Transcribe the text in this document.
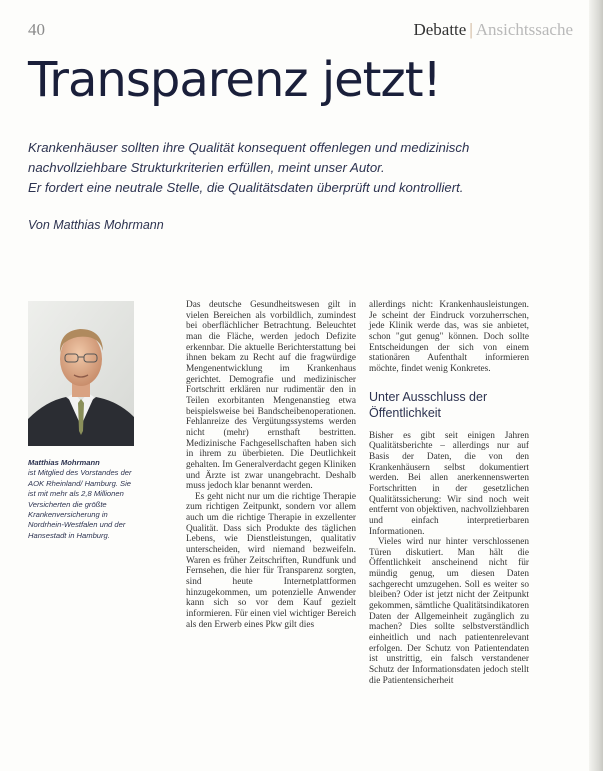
40	Debatte | Ansichtssache
Transparenz jetzt!

Krankenhäuser sollten ihre Qualität konsequent offenlegen und medizinisch

nachvollziehbare Strukturkriterien erfüllen, meint unser Autor.

Er fordert eine neutrale Stelle, die Qualitätsdaten überprüft und kontrolliert.

Von Matthias Mohrmann
Matthias Mohrmann
ist Mitglied des Vorstandes der AOK Rheinland/ Hamburg. Sie ist mit mehr als 2,8 Millionen Versicherten die größte Krankenversicherung in Nordrhein-Westfalen und der Hansestadt in Hamburg.

Das deutsche Gesundheitswesen gilt in vielen Bereichen als vorbildlich, zumindest bei oberflächlicher Betrachtung. Beleuchtet man die Fläche, werden jedoch Defizite erkennbar. Die aktuelle Berichterstattung bei ihnen bekam zu Recht auf die fragwürdige Mengenentwicklung im Krankenhaus gerichtet. Demografie und medizinischer Fortschritt erklären nur rudimentär den in Teilen exorbitanten Mengenanstieg etwa beispielsweise bei Bandscheibenoperationen. Fehlanreize des Vergütungssystems werden nicht (mehr) ernsthaft bestritten. Medizinische Fachgesellschaften haben sich in ihrem zu überbieten. Die Deutlichkeit gehalten. Im Generalverdacht gegen Kliniken und Ärzte ist zwar unangebracht. Deshalb muss jedoch klar benannt werden.

Es geht nicht nur um die richtige Therapie zum richtigen Zeitpunkt, sondern vor allem auch um die richtige Therapie in exzellenter Qualität. Dass sich Produkte des täglichen Lebens, wie Dienstleistungen, qualitativ unterscheiden, wird niemand bezweifeln. Waren es früher Zeitschriften, Rundfunk und Fernsehen, die hier für Transparenz sorgten, sind heute Internetplattformen hinzugekommen, um potenzielle Anwender kann sich so vor dem Kauf gezielt informieren. Für einen viel wichtiger Bereich als den Erwerb eines Pkw gilt dies

allerdings nicht: Krankenhausleistungen. Je scheint der Eindruck vorzuherrschen, jede Klinik werde das, was sie anbietet, schon "gut genug" können. Doch sollte Entscheidungen der sich von einem stationären Aufenthalt informieren möchte, findet wenig Konkretes.

Unter Ausschluss der Öffentlichkeit

Bisher es gibt seit einigen Jahren Qualitätsberichte – allerdings nur auf Basis der Daten, die von den Krankenhäusern selbst dokumentiert werden. Bei allen anerkennenswerten Fortschritten in der gesetzlichen Qualitätssicherung: Wir sind noch weit entfernt von objektiven, nachvollziehbaren und einfach interpretierbaren Informationen.

Vieles wird nur hinter verschlossenen Türen diskutiert. Man hält die Öffentlichkeit anscheinend nicht für mündig genug, um diesen Daten sachgerecht umzugehen. Soll es weiter so bleiben? Oder ist jetzt nicht der Zeitpunkt gekommen, sämtliche Qualitätsindikatoren Daten der Allgemeinheit zugänglich zu machen? Dies sollte selbstverständlich einheitlich und nach patientenrelevant erfolgen. Der Schutz von Patientendaten ist unstrittig, ein falsch verstandener Schutz der Informationsdaten jedoch stellt die Patientensicherheit
